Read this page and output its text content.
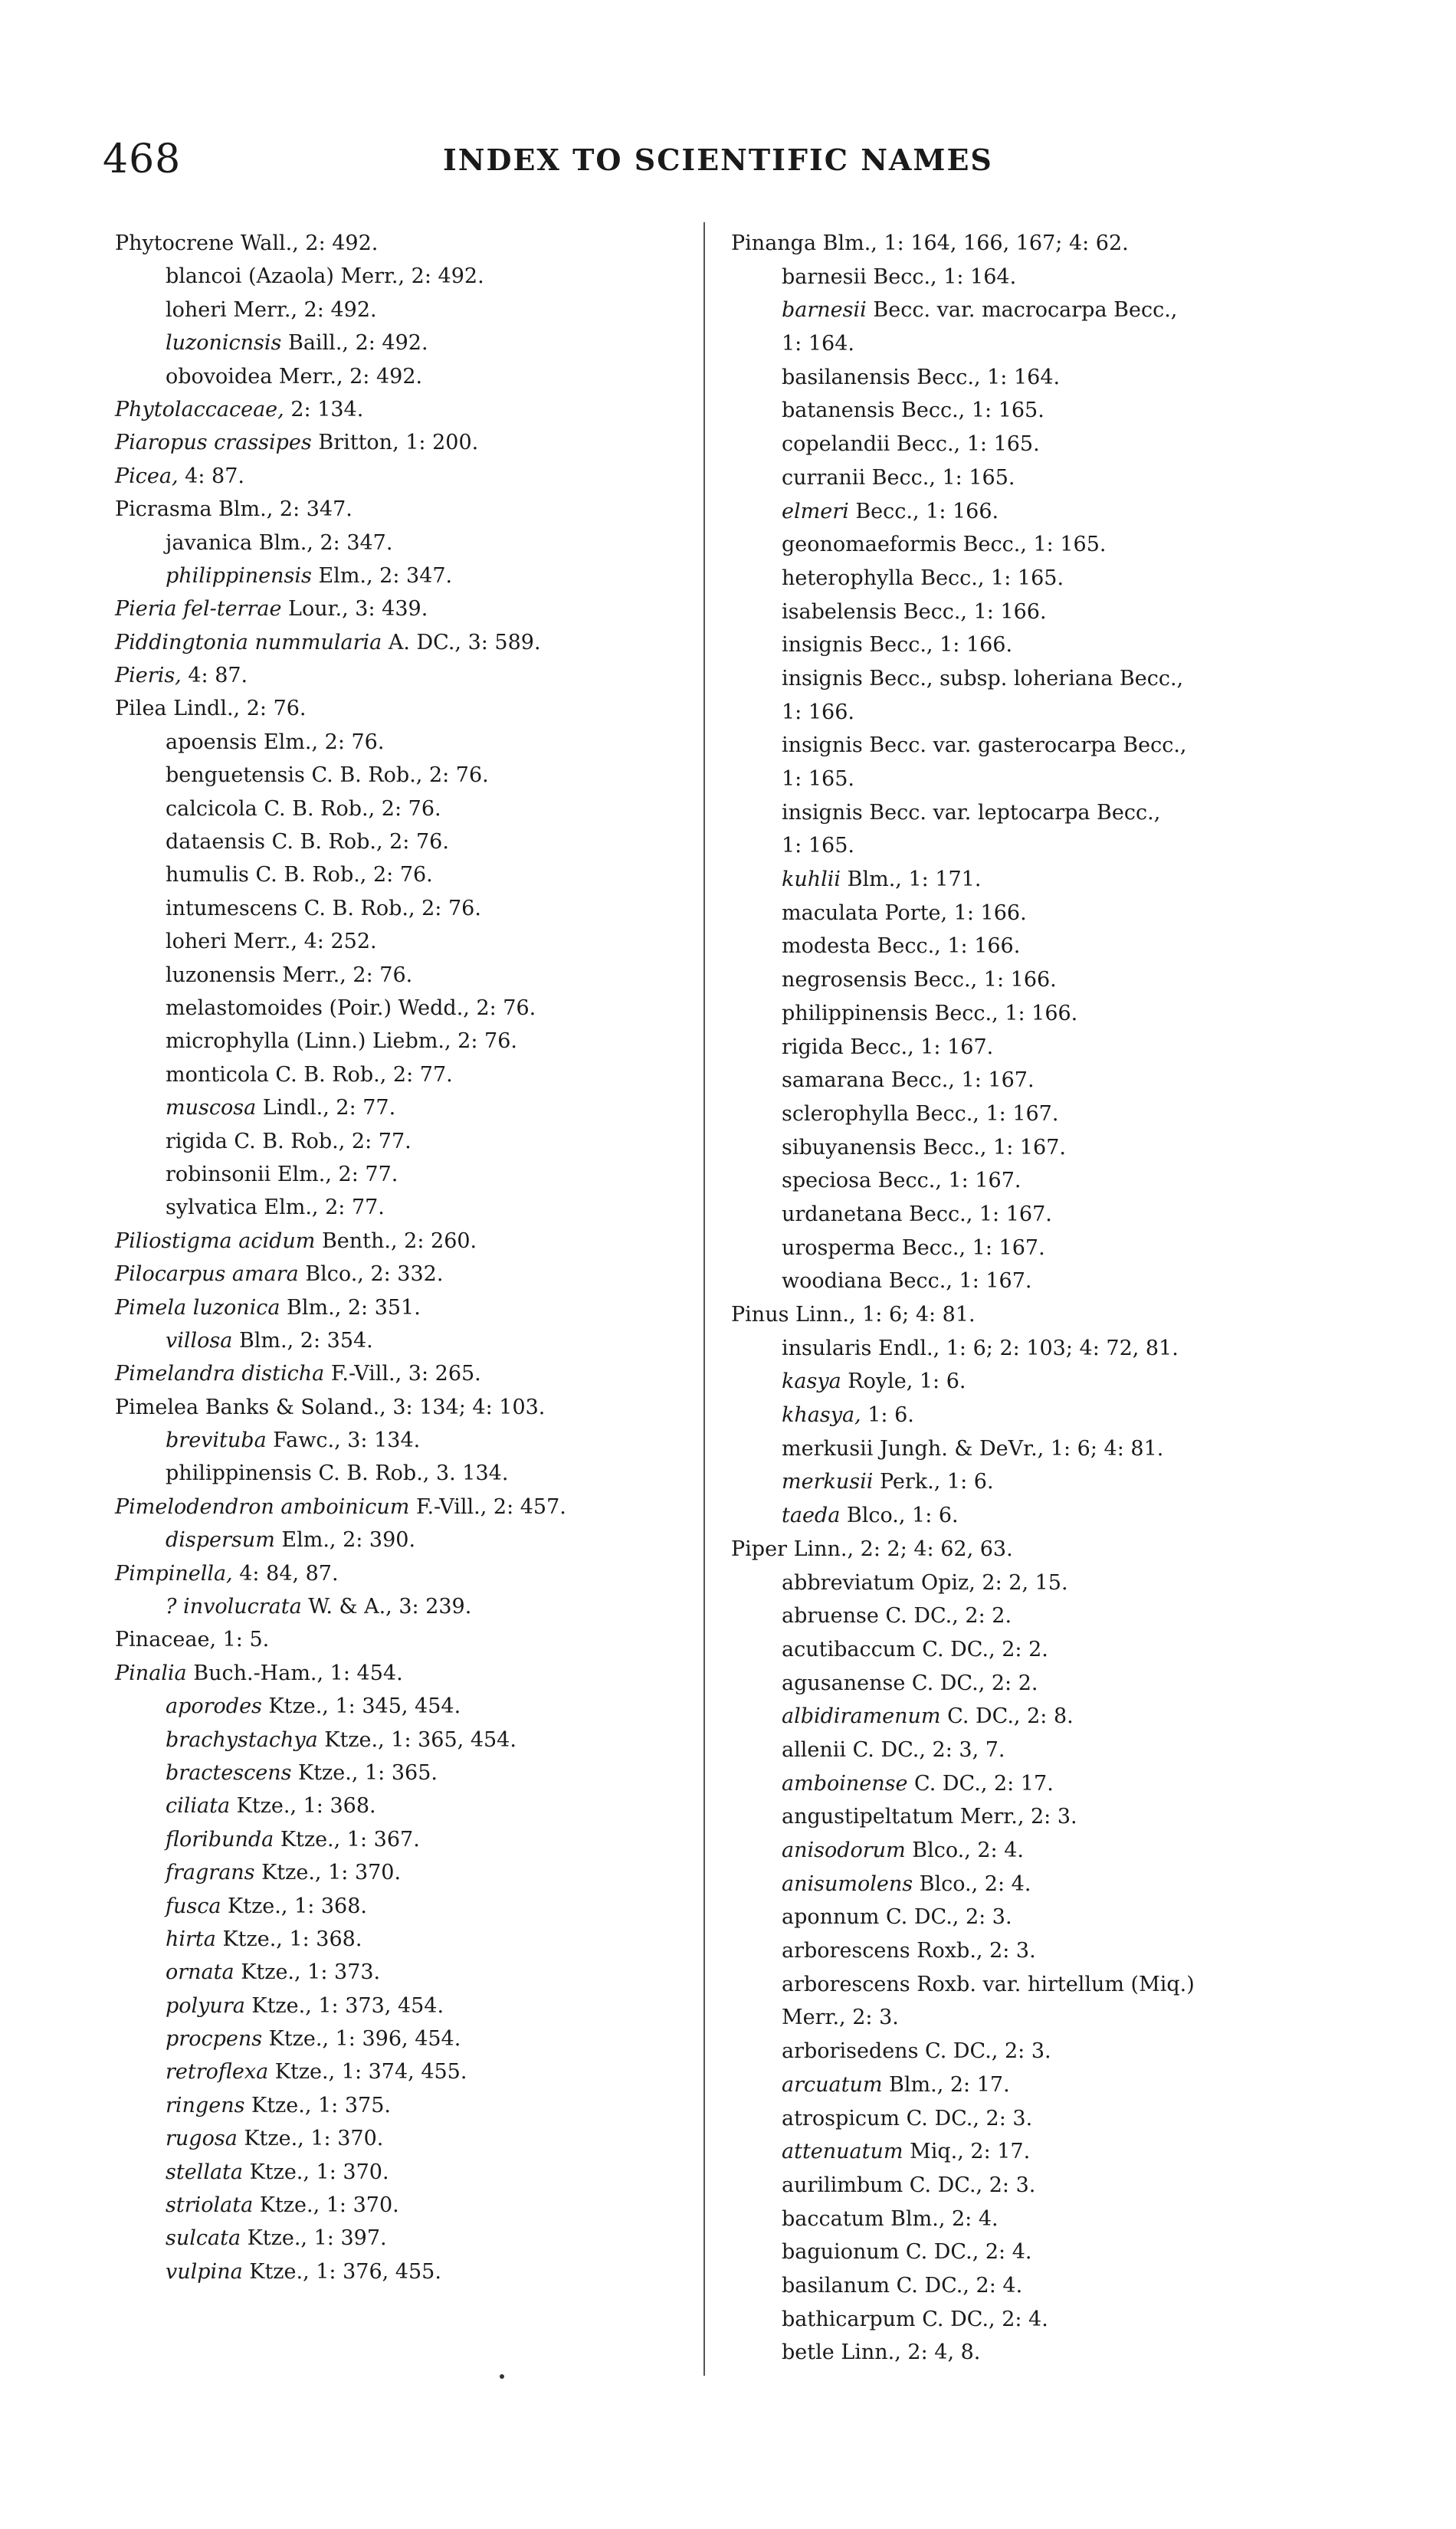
468	INDEX TO SCIENTIFIC NAMES
Phytocrene Wall., 2: 492.
blancoi (Azaola) Merr., 2: 492.
loheri Merr., 2: 492.
luzonicnsis Baill., 2: 492.
obovoidea Merr., 2: 492.
Phytolaccaceae, 2: 134.
Piaropus crassipes Britton, 1: 200.
Picea, 4: 87.
Picrasma Blm., 2: 347.
javanica Blm., 2: 347.
philippinensis Elm., 2: 347.
Pieria fel-terrae Lour., 3: 439.
Piddingtonia nummularia A. DC., 3: 589.
Pieris, 4: 87.
Pilea Lindl., 2: 76.
apoensis Elm., 2: 76.
benguetensis C. B. Rob., 2: 76.
calcicola C. B. Rob., 2: 76.
dataensis C. B. Rob., 2: 76.
humulis C. B. Rob., 2: 76.
intumescens C. B. Rob., 2: 76.
loheri Merr., 4: 252.
luzonensis Merr., 2: 76.
melastomoides (Poir.) Wedd., 2: 76.
microphylla (Linn.) Liebm., 2: 76.
monticola C. B. Rob., 2: 77.
muscosa Lindl., 2: 77.
rigida C. B. Rob., 2: 77.
robinsonii Elm., 2: 77.
sylvatica Elm., 2: 77.
Piliostigma acidum Benth., 2: 260.
Pilocarpus amara Blco., 2: 332.
Pimela luzonica Blm., 2: 351.
villosa Blm., 2: 354.
Pimelandra disticha F.-Vill., 3: 265.
Pimelea Banks & Soland., 3: 134; 4: 103.
brevituba Fawc., 3: 134.
philippinensis C. B. Rob., 3. 134.
Pimelodendron amboinicum F.-Vill., 2: 457.
dispersum Elm., 2: 390.
Pimpinella, 4: 84, 87.
? involucrata W. & A., 3: 239.
Pinaceae, 1: 5.
Pinalia Buch.-Ham., 1: 454.
aporodes Ktze., 1: 345, 454.
brachystachya Ktze., 1: 365, 454.
bractescens Ktze., 1: 365.
ciliata Ktze., 1: 368.
floribunda Ktze., 1: 367.
fragrans Ktze., 1: 370.
fusca Ktze., 1: 368.
hirta Ktze., 1: 368.
ornata Ktze., 1: 373.
polyura Ktze., 1: 373, 454.
procpens Ktze., 1: 396, 454.
retroflexa Ktze., 1: 374, 455.
ringens Ktze., 1: 375.
rugosa Ktze., 1: 370.
stellata Ktze., 1: 370.
striolata Ktze., 1: 370.
sulcata Ktze., 1: 397.
vulpina Ktze., 1: 376, 455.
Pinanga Blm., 1: 164, 166, 167; 4: 62.
barnesii Becc., 1: 164.
barnesii Becc. var. macrocarpa Becc.,
1: 164.
basilanensis Becc., 1: 164.
batanensis Becc., 1: 165.
copelandii Becc., 1: 165.
curranii Becc., 1: 165.
elmeri Becc., 1: 166.
geonomaeformis Becc., 1: 165.
heterophylla Becc., 1: 165.
isabelensis Becc., 1: 166.
insignis Becc., 1: 166.
insignis Becc., subsp. loheriana Becc.,
1: 166.
insignis Becc. var. gasterocarpa Becc.,
1: 165.
insignis Becc. var. leptocarpa Becc.,
1: 165.
kuhlii Blm., 1: 171.
maculata Porte, 1: 166.
modesta Becc., 1: 166.
negrosensis Becc., 1: 166.
philippinensis Becc., 1: 166.
rigida Becc., 1: 167.
samarana Becc., 1: 167.
sclerophylla Becc., 1: 167.
sibuyanensis Becc., 1: 167.
speciosa Becc., 1: 167.
urdanetana Becc., 1: 167.
urosperma Becc., 1: 167.
woodiana Becc., 1: 167.
Pinus Linn., 1: 6; 4: 81.
insularis Endl., 1: 6; 2: 103; 4: 72, 81.
kasya Royle, 1: 6.
khasya, 1: 6.
merkusii Jungh. & DeVr., 1: 6; 4: 81.
merkusii Perk., 1: 6.
taeda Blco., 1: 6.
Piper Linn., 2: 2; 4: 62, 63.
abbreviatum Opiz, 2: 2, 15.
abruense C. DC., 2: 2.
acutibaccum C. DC., 2: 2.
agusanense C. DC., 2: 2.
albidiramenum C. DC., 2: 8.
allenii C. DC., 2: 3, 7.
amboinense C. DC., 2: 17.
angustipeltatum Merr., 2: 3.
anisodorum Blco., 2: 4.
anisumolens Blco., 2: 4.
aponnum C. DC., 2: 3.
arborescens Roxb., 2: 3.
arborescens Roxb. var. hirtellum (Miq.)
Merr., 2: 3.
arborisedens C. DC., 2: 3.
arcuatum Blm., 2: 17.
atrospicum C. DC., 2: 3.
attenuatum Miq., 2: 17.
aurilimbum C. DC., 2: 3.
baccatum Blm., 2: 4.
baguionum C. DC., 2: 4.
basilanum C. DC., 2: 4.
bathicarpum C. DC., 2: 4.
betle Linn., 2: 4, 8.
